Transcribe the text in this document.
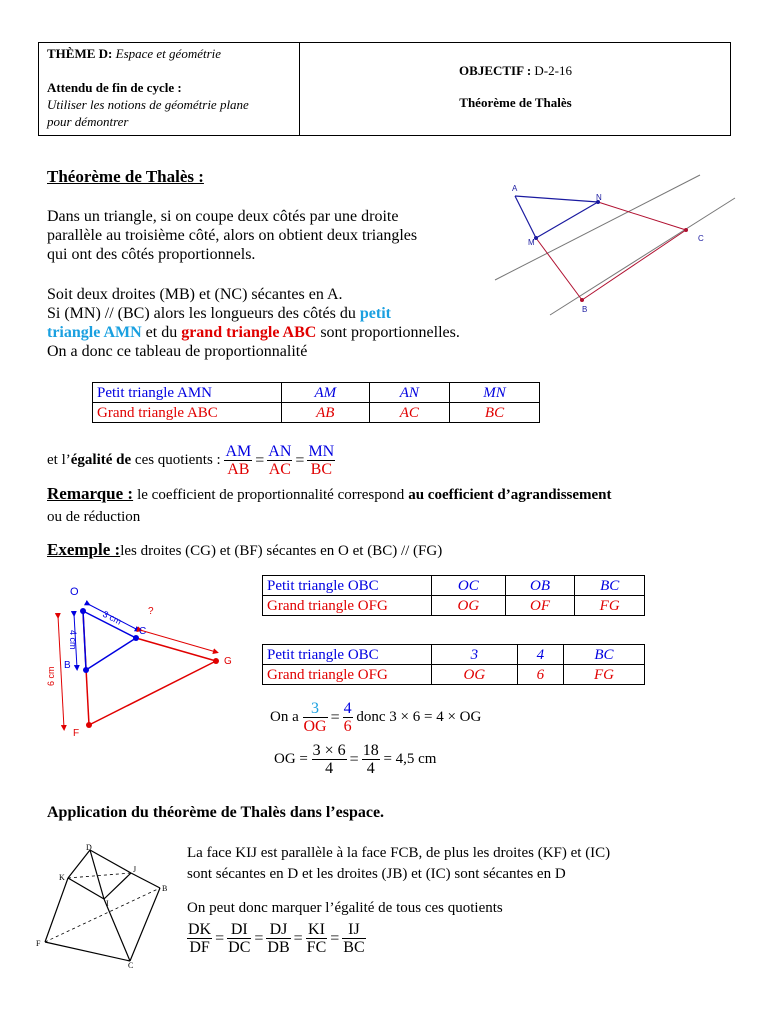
THÈME D: Espace et géométrie
Attendu de fin de cycle :
Utiliser les notions de géométrie plane
pour démontrer
OBJECTIF : D-2-16
Théorème de Thalès
Théorème de Thalès :
Dans un triangle, si on coupe deux côtés par une droite
parallèle au troisième côté, alors on obtient deux triangles
qui ont des côtés proportionnels.
Soit deux droites (MB) et (NC) sécantes en A.
Si (MN) // (BC) alors les longueurs des côtés du petit
triangle AMN et du grand triangle ABC sont proportionnelles.
On a donc ce tableau de proportionnalité
A
N
M	C
B
Petit triangle AMN	AM	AN	MN
Grand triangle ABC	AB	AC	BC
et l’égalité de ces quotients : $\frac{AM}{AB} = \frac{AN}{AC} = \frac{MN}{BC}$
Remarque : le coefficient de proportionnalité correspond au coefficient d’agrandissement
ou de réduction
Exemple :les droites (CG) et (BF) sécantes en O et (BC) // (FG)
O
C
B	G
F
?
3 cm
4 cm
6 cm
Petit triangle OBC	OC	OB	BC
Grand triangle OFG	OG	OF	FG
Petit triangle OBC	3	4	BC
Grand triangle OFG	OG	6	FG
On a $\frac{3}{OG} = \frac{4}{6}$ donc 3 × 6 = 4 × OG
OG = $\frac{3 \times 6}{4} = \frac{18}{4} = 4,5$ cm
Application du théorème de Thalès dans l’espace.
D
J
K
I
B
F
C
La face KIJ est parallèle à la face FCB, de plus les droites (KF) et (IC)
sont sécantes en D et les droites (JB) et (IC) sont sécantes en D
On peut donc marquer l’égalité de tous ces quotients
$\frac{DK}{DF} = \frac{DI}{DC} = \frac{DJ}{DB} = \frac{KI}{FC} = \frac{IJ}{BC}$
